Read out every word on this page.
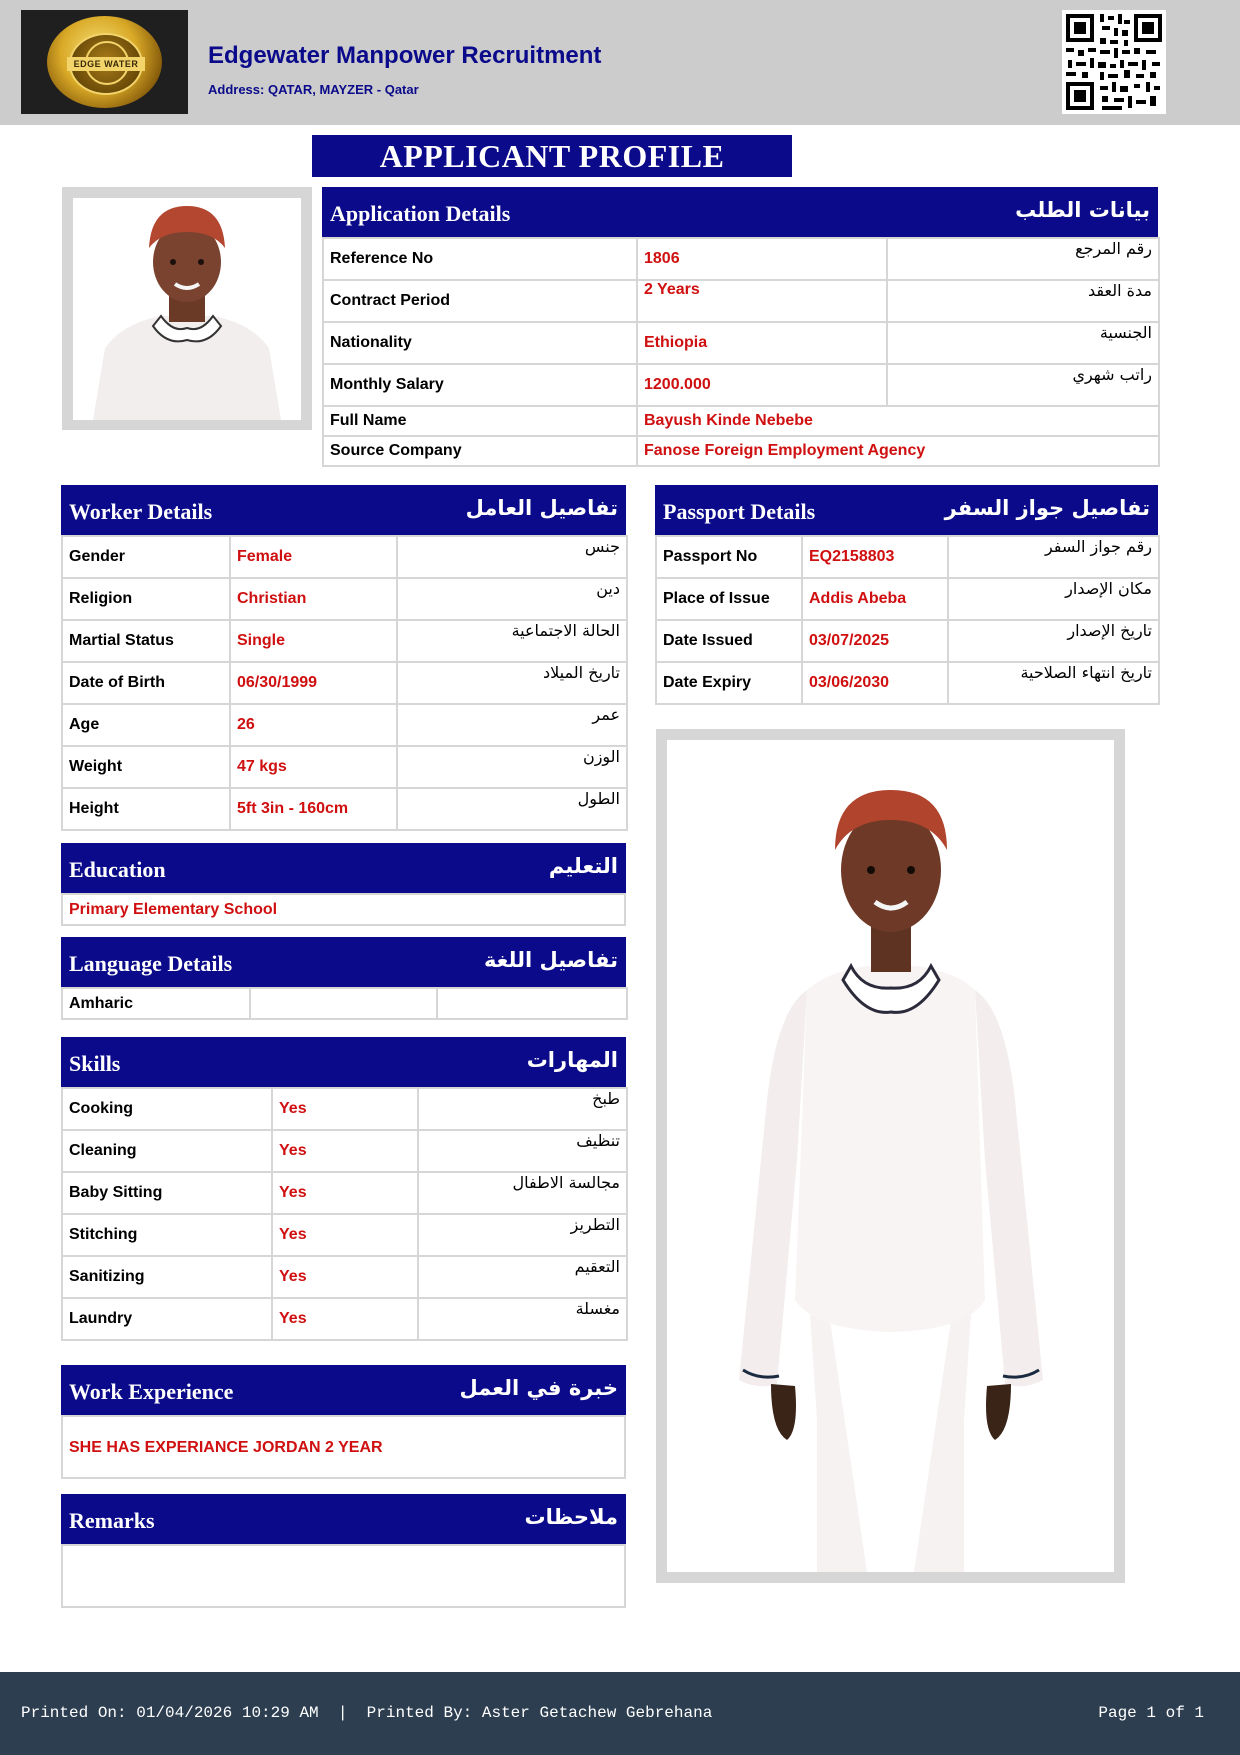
EDGE WATER	Edgewater Manpower Recruitment
Address: QATAR, MAYZER - Qatar
APPLICANT PROFILE
Application Details	بيانات الطلب
Reference No	1806	رقم المرجع
Contract Period	2 Years	مدة العقد
Nationality	Ethiopia	الجنسية
Monthly Salary	1200.000	راتب شهري
Full Name	Bayush Kinde Nebebe	
Source Company	Fanose Foreign Employment Agency	
Worker Details	تفاصيل العامل
Gender	Female	جنس
Religion	Christian	دين
Martial Status	Single	الحالة الاجتماعية
Date of Birth	06/30/1999	تاريخ الميلاد
Age	26	عمر
Weight	47 kgs	الوزن
Height	5ft 3in - 160cm	الطول
Passport Details	تفاصيل جواز السفر
Passport No	EQ2158803	رقم جواز السفر
Place of Issue	Addis Abeba	مكان الإصدار
Date Issued	03/07/2025	تاريخ الإصدار
Date Expiry	03/06/2030	تاريخ انتهاء الصلاحية
Education	التعليم
Primary Elementary School
Language Details	تفاصيل اللغة
Amharic		
Skills	المهارات
Cooking	Yes	طبخ
Cleaning	Yes	تنظيف
Baby Sitting	Yes	مجالسة الاطفال
Stitching	Yes	التطريز
Sanitizing	Yes	التعقيم
Laundry	Yes	مغسلة
Work Experience	خبرة في العمل
SHE HAS EXPERIANCE JORDAN 2 YEAR
Remarks	ملاحظات
Printed On: 01/04/2026 10:29 AM  |  Printed By: Aster Getachew Gebrehana	Page 1 of 1
